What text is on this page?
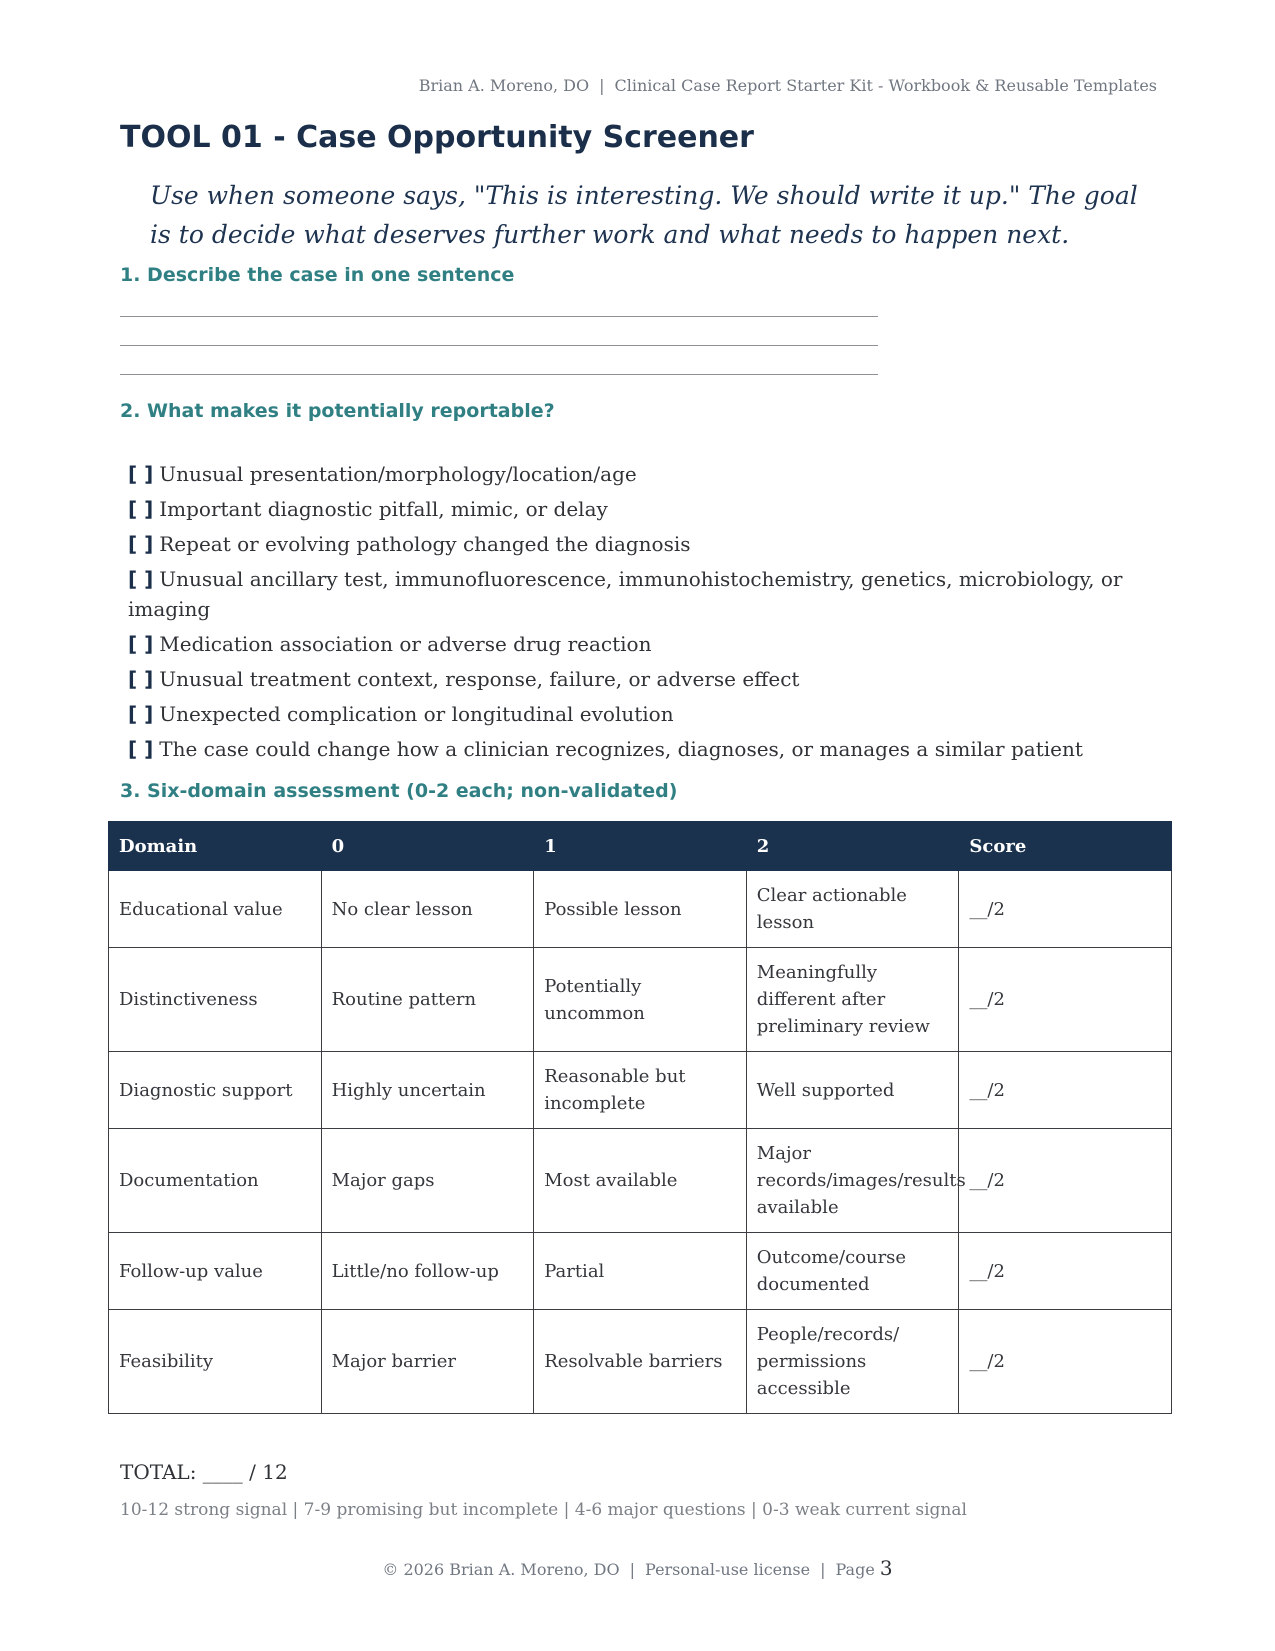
Brian A. Moreno, DO | Clinical Case Report Starter Kit - Workbook & Reusable Templates
TOOL 01 - Case Opportunity Screener
Use when someone says, "This is interesting. We should write it up." The goal is to decide what deserves further work and what needs to happen next.
1. Describe the case in one sentence
2. What makes it potentially reportable?
[ ] Unusual presentation/morphology/location/age
[ ] Important diagnostic pitfall, mimic, or delay
[ ] Repeat or evolving pathology changed the diagnosis
[ ] Unusual ancillary test, immunofluorescence, immunohistochemistry, genetics, microbiology, or imaging
[ ] Medication association or adverse drug reaction
[ ] Unusual treatment context, response, failure, or adverse effect
[ ] Unexpected complication or longitudinal evolution
[ ] The case could change how a clinician recognizes, diagnoses, or manages a similar patient
3. Six-domain assessment (0-2 each; non-validated)
Domain	0	1	2	Score
Educational value	No clear lesson	Possible lesson	Clear actionable lesson	__/2
Distinctiveness	Routine pattern	Potentially uncommon	Meaningfully different after preliminary review	__/2
Diagnostic support	Highly uncertain	Reasonable but incomplete	Well supported	__/2
Documentation	Major gaps	Most available	Major records/images/results available	__/2
Follow-up value	Little/no follow-up	Partial	Outcome/course documented	__/2
Feasibility	Major barrier	Resolvable barriers	People/records/ permissions accessible	__/2
TOTAL: ____ / 12
10-12 strong signal | 7-9 promising but incomplete | 4-6 major questions | 0-3 weak current signal
© 2026 Brian A. Moreno, DO | Personal-use license | Page 3
